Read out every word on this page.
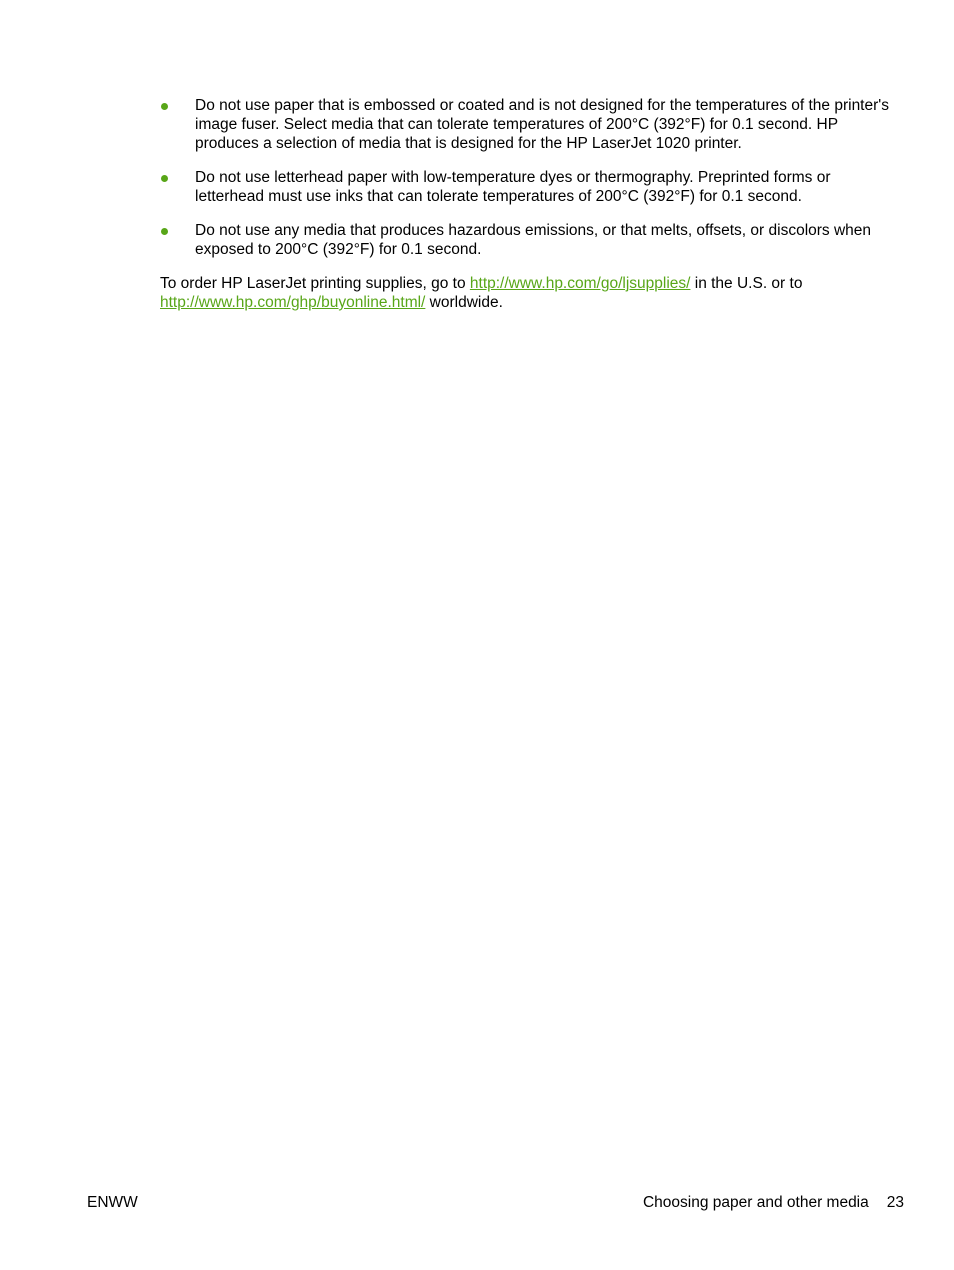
Do not use paper that is embossed or coated and is not designed for the temperatures of the printer's image fuser. Select media that can tolerate temperatures of 200°C (392°F) for 0.1 second. HP produces a selection of media that is designed for the HP LaserJet 1020 printer.
Do not use letterhead paper with low-temperature dyes or thermography. Preprinted forms or letterhead must use inks that can tolerate temperatures of 200°C (392°F) for 0.1 second.
Do not use any media that produces hazardous emissions, or that melts, offsets, or discolors when exposed to 200°C (392°F) for 0.1 second.

To order HP LaserJet printing supplies, go to http://www.hp.com/go/ljsupplies/ in the U.S. or to http://www.hp.com/ghp/buyonline.html/ worldwide.

ENWW	Choosing paper and other media 23
